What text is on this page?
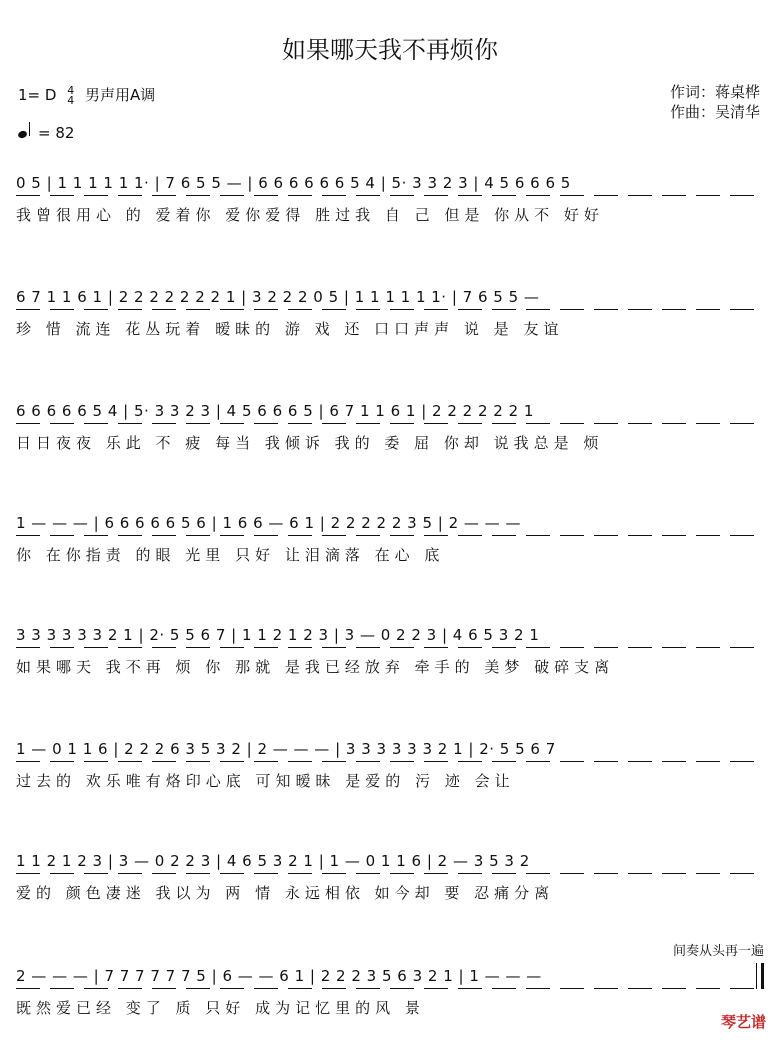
如果哪天我不再烦你
1= D 4
4 男声用A调
= 82
作词：蒋桌桦
作曲：吴清华
0 5 | 1 1 1 1 1 1· | 7 6 5 5 — | 6 6 6 6 6 6 5 4 | 5· 3 3 2 3 | 4 5 6 6 6 5
我曾很用心 的 爱着你 爱你爱得 胜过我 自 己 但是 你从不 好好
6 7 1 1 6 1 | 2 2 2 2 2 2 2 1 | 3 2 2 2 0 5 | 1 1 1 1 1 1· | 7 6 5 5 —
珍 惜 流连 花丛玩着 暧昧的 游 戏 还 口口声声 说 是 友谊
6 6 6 6 6 5 4 | 5· 3 3 2 3 | 4 5 6 6 6 5 | 6 7 1 1 6 1 | 2 2 2 2 2 2 1
日日夜夜 乐此 不 疲 每当 我倾诉 我的 委 屈 你却 说我总是 烦
1 — — — | 6 6 6 6 6 5 6 | 1 6 6 — 6 1 | 2 2 2 2 2 3 5 | 2 — — —
你 在你指责 的眼 光里 只好 让泪滴落 在心 底
3 3 3 3 3 3 2 1 | 2· 5 5 6 7 | 1 1 2 1 2 3 | 3 — 0 2 2 3 | 4 6 5 3 2 1
如果哪天 我不再 烦 你 那就 是我已经放弃 牵手的 美梦 破碎支离
1 — 0 1 1 6 | 2 2 2 6 3 5 3 2 | 2 — — — | 3 3 3 3 3 3 2 1 | 2· 5 5 6 7
过去的 欢乐唯有烙印心底 可知暧昧 是爱的 污 迹 会让
1 1 2 1 2 3 | 3 — 0 2 2 3 | 4 6 5 3 2 1 | 1 — 0 1 1 6 | 2 — 3 5 3 2
爱的 颜色凄迷 我以为 两 情 永远相依 如今却 要 忍痛分离
2 — — — | 7 7 7 7 7 7 5 | 6 — — 6 1 | 2 2 2 3 5 6 3 2 1 | 1 — — —
既然爱已经 变了 质 只好 成为记忆里的风 景
间奏从头再一遍
琴艺谱
